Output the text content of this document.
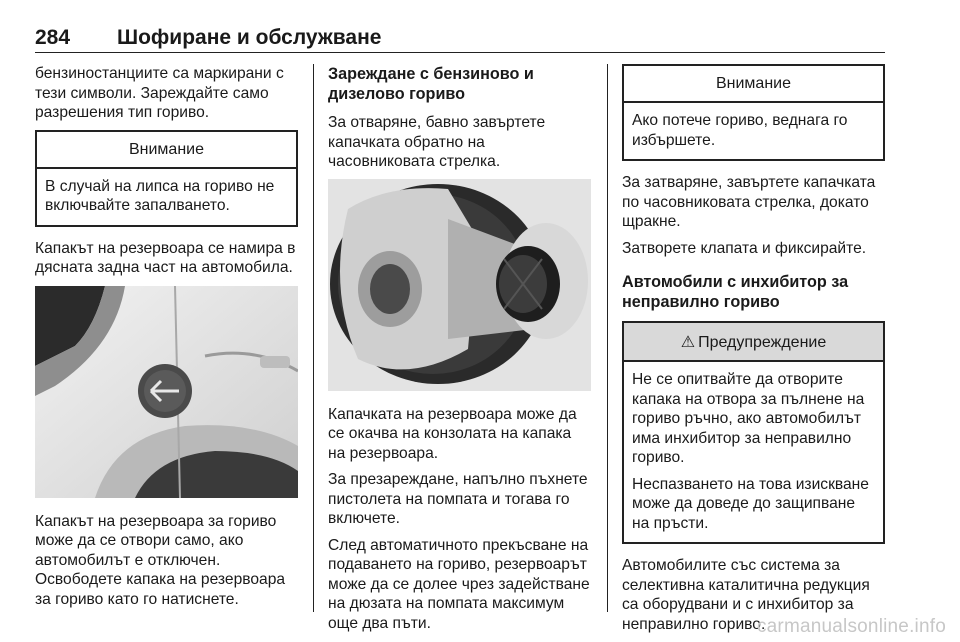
284 Шофиране и обслужване

бензиностанциите са маркирани с тези символи. Зареждайте само разрешения тип гориво.

Внимание

В случай на липса на гориво не включвайте запалването.

Капакът на резервоара се намира в дясната задна част на автомобила.

Капакът на резервоара за гориво може да се отвори само, ако автомобилът е отключен. Освободете капака на резервоара за гориво като го натиснете.

Зареждане с бензиново и дизелово гориво

За отваряне, бавно завъртете капачката обратно на часовниковата стрелка.

Капачката на резервоара може да се окачва на конзолата на капака на резервоара.

За презареждане, напълно пъхнете пистолета на помпата и тогава го включете.

След автоматичното прекъсване на подаването на гориво, резервоарът може да се долее чрез задействане на дюзата на помпата максимум още два пъти.

Внимание

Ако потече гориво, веднага го избършете.

За затваряне, завъртете капачката по часовниковата стрелка, докато щракне.

Затворете клапата и фиксирайте.

Автомобили с инхибитор за неправилно гориво
⚠ Предупреждение

Не се опитвайте да отворите капака на отвора за пълнене на гориво ръчно, ако автомобилът има инхибитор за неправилно гориво.

Неспазването на това изискване може да доведе до защипване на пръсти.

Автомобилите със система за селективна каталитична редукция са оборудвани и с инхибитор за неправилно гориво.

carmanualsonline.info
